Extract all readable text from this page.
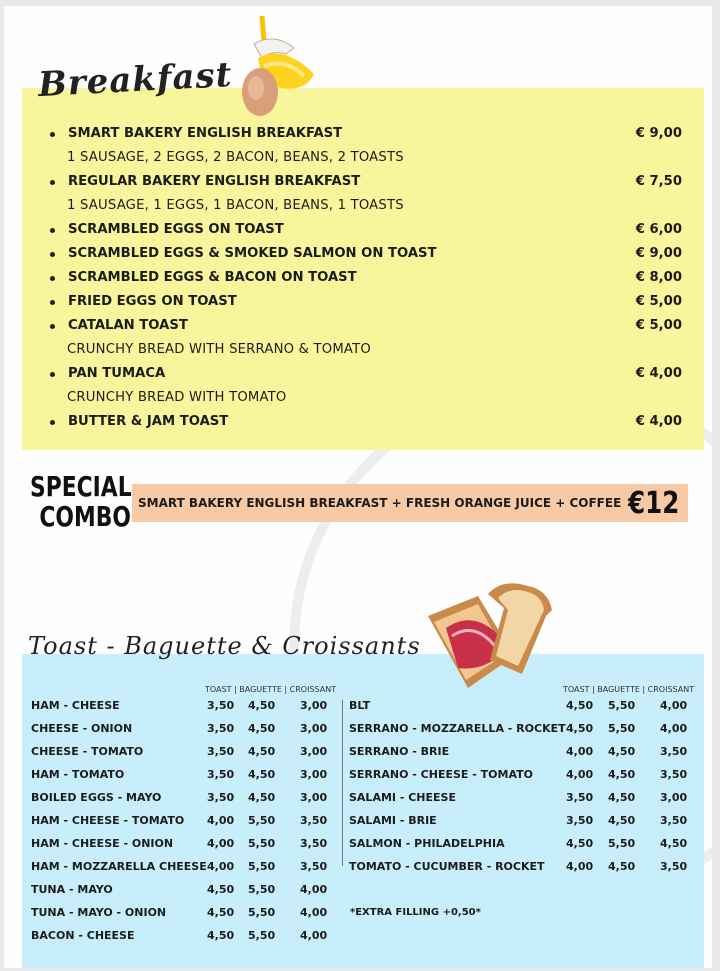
Breakfast
SMART BAKERY ENGLISH BREAKFAST	€ 9,00
1 SAUSAGE, 2 EGGS, 2 BACON, BEANS, 2 TOASTS
REGULAR BAKERY ENGLISH BREAKFAST	€ 7,50
1 SAUSAGE, 1 EGGS, 1 BACON, BEANS, 1 TOASTS
SCRAMBLED EGGS ON TOAST	€ 6,00
SCRAMBLED EGGS & SMOKED SALMON ON TOAST	€ 9,00
SCRAMBLED EGGS & BACON ON TOAST	€ 8,00
FRIED EGGS ON TOAST	€ 5,00
CATALAN TOAST	€ 5,00
CRUNCHY BREAD WITH SERRANO & TOMATO
PAN TUMACA	€ 4,00
CRUNCHY BREAD WITH TOMATO
BUTTER & JAM TOAST	€ 4,00
SPECIAL
COMBO SMART BAKERY ENGLISH BREAKFAST + FRESH ORANGE JUICE + COFFEE €12
Toast - Baguette & Croissants
TOAST | BAGUETTE | CROISSANT	TOAST | BAGUETTE | CROISSANT
HAM - CHEESE	3,50 4,50 3,00
CHEESE - ONION	3,50 4,50 3,00
CHEESE - TOMATO	3,50 4,50 3,00
HAM - TOMATO	3,50 4,50 3,00
BOILED EGGS - MAYO	3,50 4,50 3,00
HAM - CHEESE - TOMATO 4,00 5,50 3,50
HAM - CHEESE - ONION	4,00 5,50 3,50
HAM - MOZZARELLA CHEESE 4,00 5,50 3,50
TUNA - MAYO	4,50 5,50 4,00
TUNA - MAYO - ONION	4,50 5,50 4,00
BACON - CHEESE	4,50 5,50 4,00
BLT	4,50 5,50 4,00
SERRANO - MOZZARELLA - ROCKET 4,50 5,50 4,00
SERRANO - BRIE	4,00 4,50 3,50
SERRANO - CHEESE - TOMATO	4,00 4,50 3,50
SALAMI - CHEESE	3,50 4,50 3,00
SALAMI - BRIE	3,50 4,50 3,50
SALMON - PHILADELPHIA	4,50 5,50 4,50
TOMATO - CUCUMBER - ROCKET 4,00 4,50 3,50
*EXTRA FILLING +0,50*
